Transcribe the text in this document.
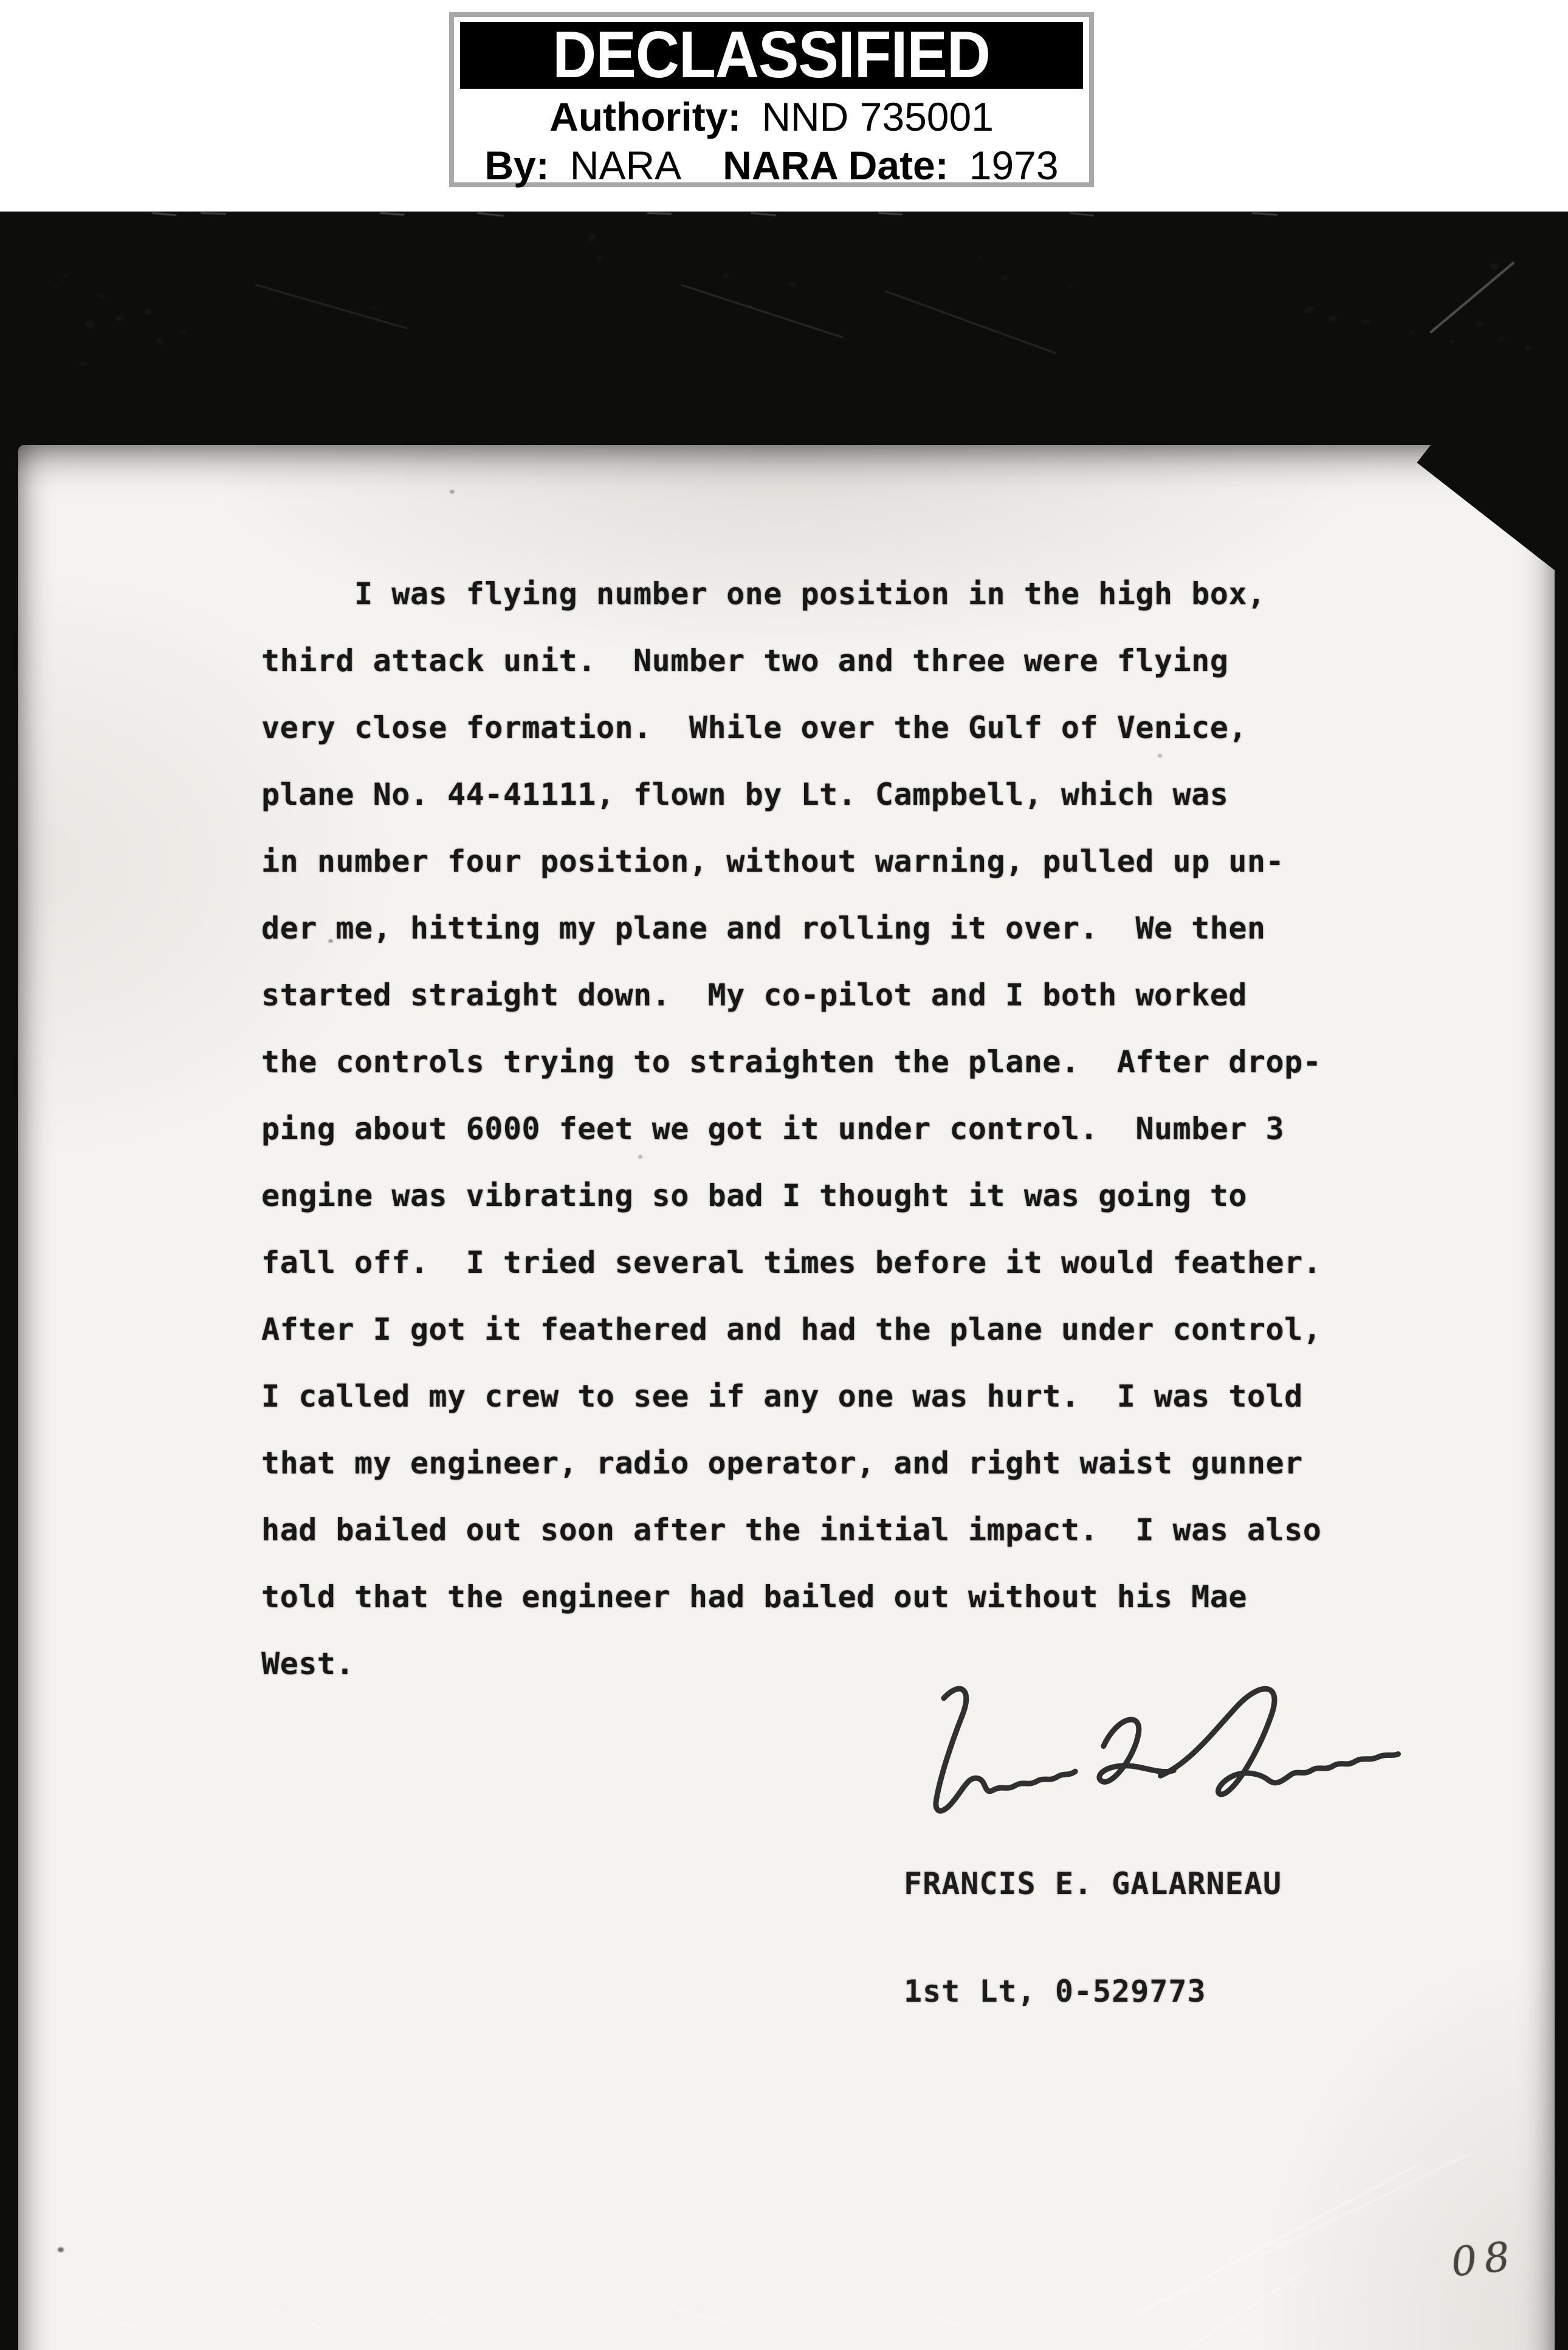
I was flying number one position in the high box,
third attack unit.  Number two and three were flying
very close formation.  While over the Gulf of Venice,
plane No. 44-41111, flown by Lt. Campbell, which was
in number four position, without warning, pulled up un-
der me, hitting my plane and rolling it over.  We then
started straight down.  My co-pilot and I both worked
the controls trying to straighten the plane.  After drop-
ping about 6000 feet we got it under control.  Number 3
engine was vibrating so bad I thought it was going to
fall off.  I tried several times before it would feather.
After I got it feathered and had the plane under control,
I called my crew to see if any one was hurt.  I was told
that my engineer, radio operator, and right waist gunner
had bailed out soon after the initial impact.  I was also
told that the engineer had bailed out without his Mae
West.

FRANCIS E. GALARNEAU

1st Lt, 0-529773

08
DECLASSIFIED
Authority: NND 735001
By: NARA NARA Date: 1973
